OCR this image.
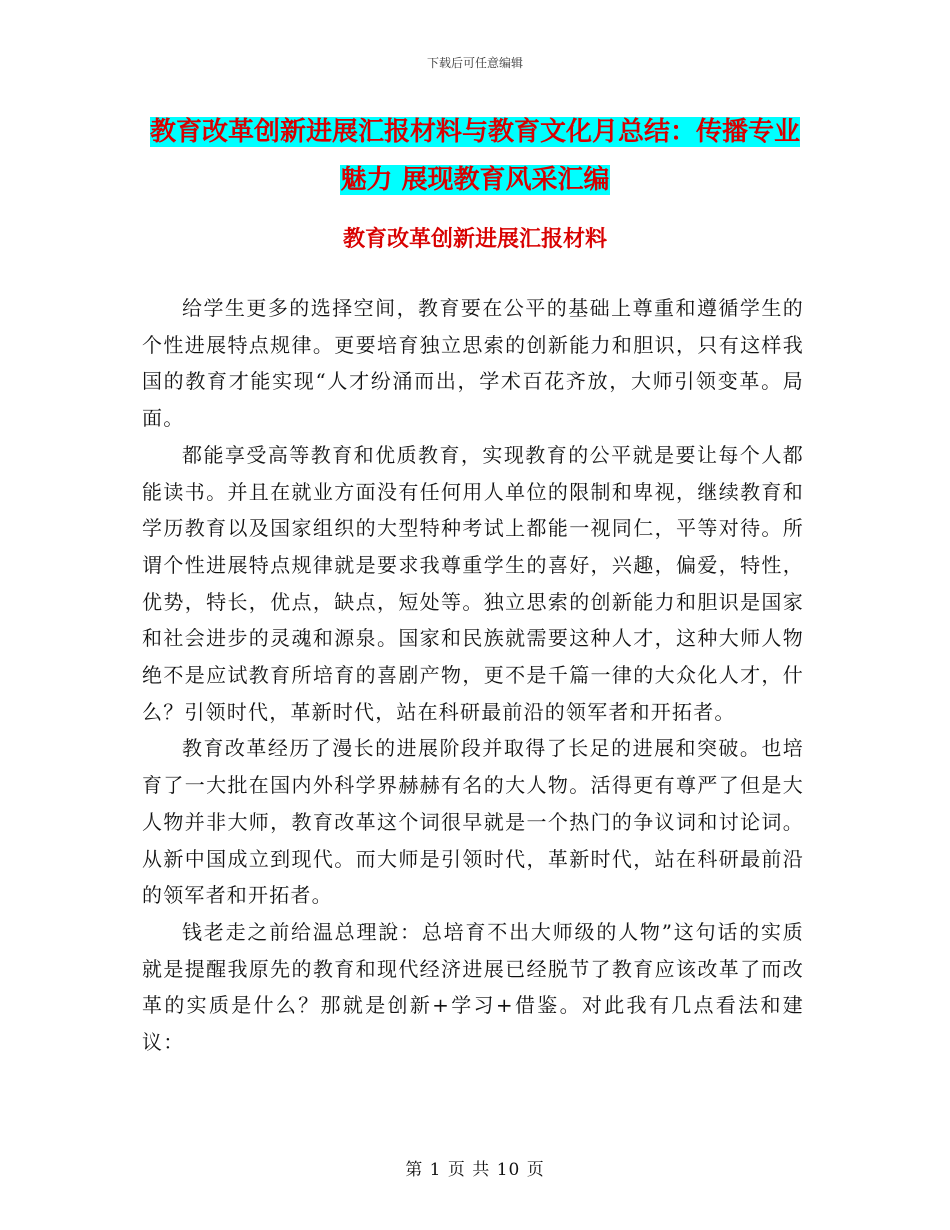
下载后可任意编辑
教育改革创新进展汇报材料与教育文化月总结：传播专业魅力 展现教育风采汇编
教育改革创新进展汇报材料

给学生更多的选择空间，教育要在公平的基础上尊重和遵循学生的个性进展特点规律。更要培育独立思索的创新能力和胆识，只有这样我国的教育才能实现“人才纷涌而出，学术百花齐放，大师引领变革。局面。

都能享受高等教育和优质教育，实现教育的公平就是要让每个人都能读书。并且在就业方面没有任何用人单位的限制和卑视，继续教育和学历教育以及国家组织的大型特种考试上都能一视同仁，平等对待。所谓个性进展特点规律就是要求我尊重学生的喜好，兴趣，偏爱，特性，优势，特长，优点，缺点，短处等。独立思索的创新能力和胆识是国家和社会进步的灵魂和源泉。国家和民族就需要这种人才，这种大师人物绝不是应试教育所培育的喜剧产物，更不是千篇一律的大众化人才，什么？引领时代，革新时代，站在科研最前沿的领军者和开拓者。

教育改革经历了漫长的进展阶段并取得了长足的进展和突破。也培育了一大批在国内外科学界赫赫有名的大人物。活得更有尊严了但是大人物并非大师，教育改革这个词很早就是一个热门的争议词和讨论词。从新中国成立到现代。而大师是引领时代，革新时代，站在科研最前沿的领军者和开拓者。

钱老走之前给温总理說：总培育不出大师级的人物”这句话的实质就是提醒我原先的教育和现代经济进展已经脱节了教育应该改革了而改革的实质是什么？那就是创新+学习+借鉴。对此我有几点看法和建议：

第 1 页 共 10 页
